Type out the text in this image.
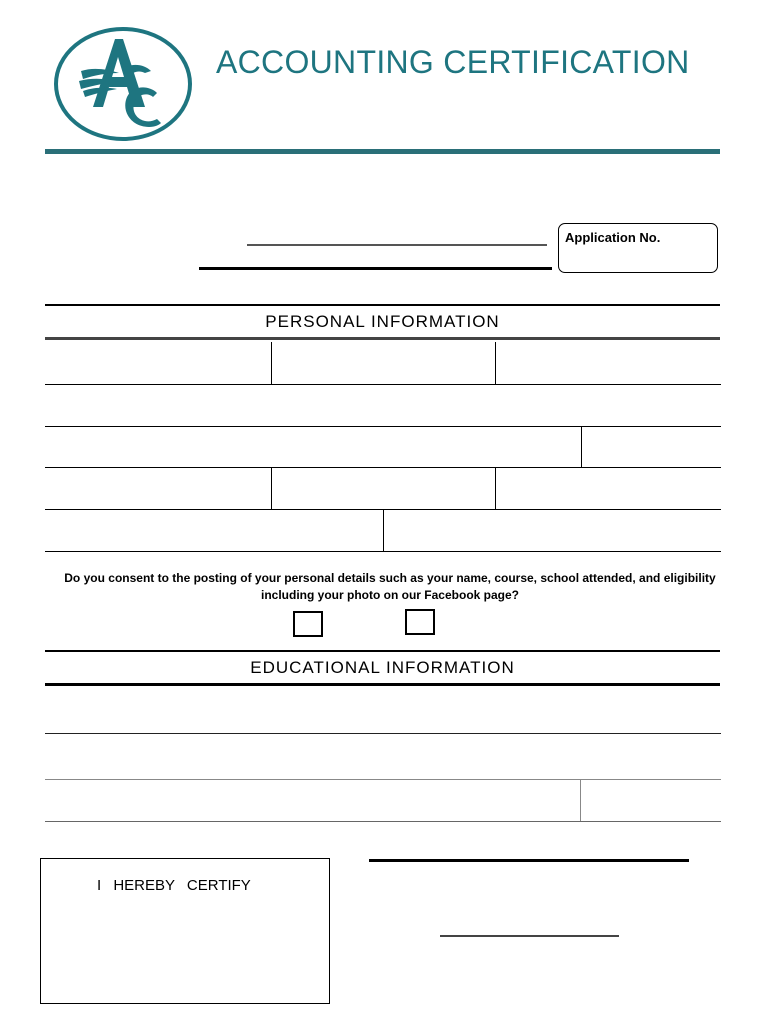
ACCOUNTING CERTIFICATION
Application No.
PERSONAL INFORMATION
Do you consent to the posting of your personal details such as your name, course, school attended, and eligibility including your photo on our Facebook page?
EDUCATIONAL INFORMATION
I HEREBY CERTIFY
